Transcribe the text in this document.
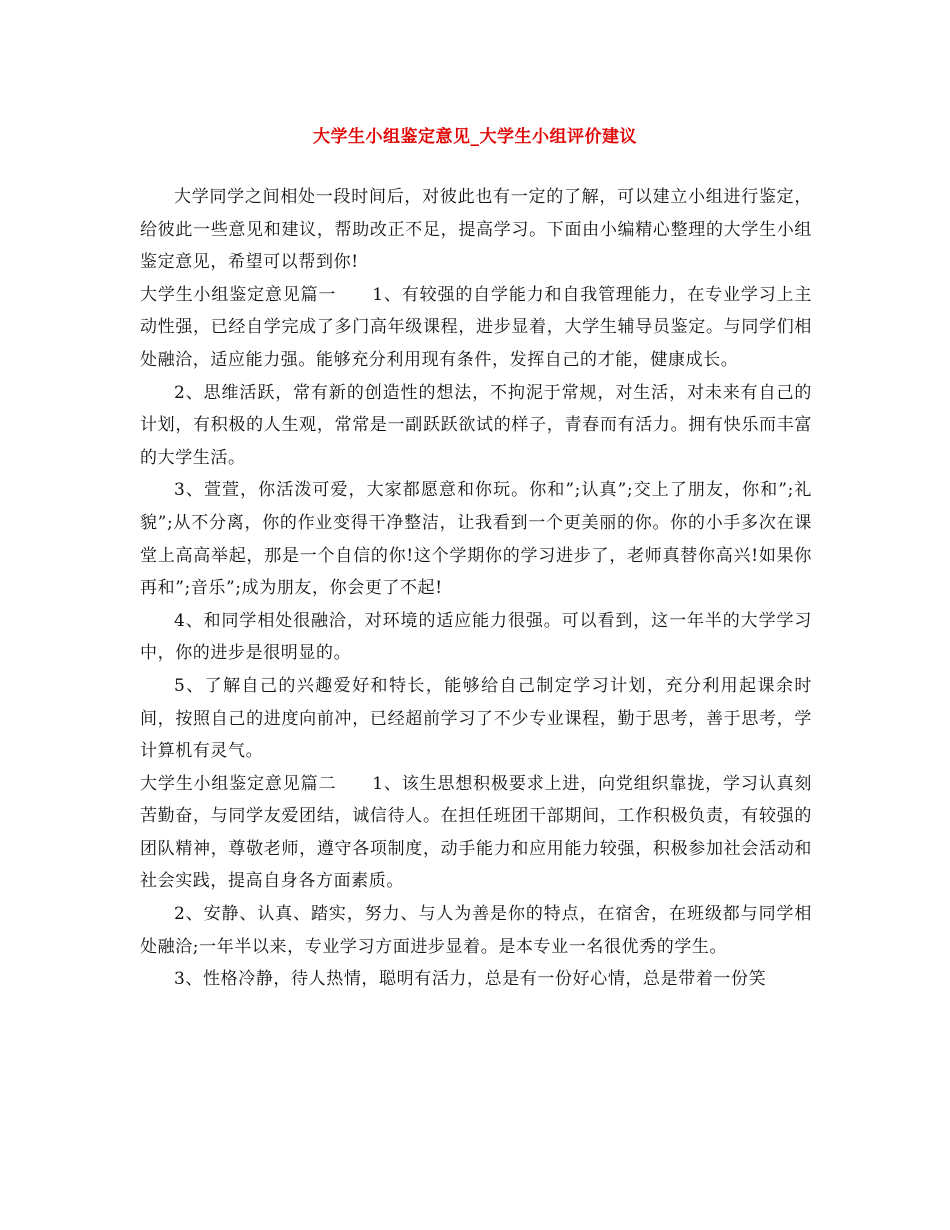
大学生小组鉴定意见_大学生小组评价建议

大学同学之间相处一段时间后，对彼此也有一定的了解，可以建立小组进行鉴定，给彼此一些意见和建议，帮助改正不足，提高学习。下面由小编精心整理的大学生小组鉴定意见，希望可以帮到你!

大学生小组鉴定意见篇一 1、有较强的自学能力和自我管理能力，在专业学习上主动性强，已经自学完成了多门高年级课程，进步显着，大学生辅导员鉴定。与同学们相处融洽，适应能力强。能够充分利用现有条件，发挥自己的才能，健康成长。

2、思维活跃，常有新的创造性的想法，不拘泥于常规，对生活，对未来有自己的计划，有积极的人生观，常常是一副跃跃欲试的样子，青春而有活力。拥有快乐而丰富的大学生活。

3、萱萱，你活泼可爱，大家都愿意和你玩。你和”;认真”;交上了朋友，你和”;礼貌”;从不分离，你的作业变得干净整洁，让我看到一个更美丽的你。你的小手多次在课堂上高高举起，那是一个自信的你!这个学期你的学习进步了，老师真替你高兴!如果你再和”;音乐”;成为朋友，你会更了不起!

4、和同学相处很融洽，对环境的适应能力很强。可以看到，这一年半的大学学习中，你的进步是很明显的。

5、了解自己的兴趣爱好和特长，能够给自己制定学习计划，充分利用起课余时间，按照自己的进度向前冲，已经超前学习了不少专业课程，勤于思考，善于思考，学计算机有灵气。

大学生小组鉴定意见篇二 1、该生思想积极要求上进，向党组织靠拢，学习认真刻苦勤奋，与同学友爱团结，诚信待人。在担任班团干部期间，工作积极负责，有较强的团队精神，尊敬老师，遵守各项制度，动手能力和应用能力较强，积极参加社会活动和社会实践，提高自身各方面素质。

2、安静、认真、踏实，努力、与人为善是你的特点，在宿舍，在班级都与同学相处融洽;一年半以来，专业学习方面进步显着。是本专业一名很优秀的学生。

3、性格冷静，待人热情，聪明有活力，总是有一份好心情，总是带着一份笑
